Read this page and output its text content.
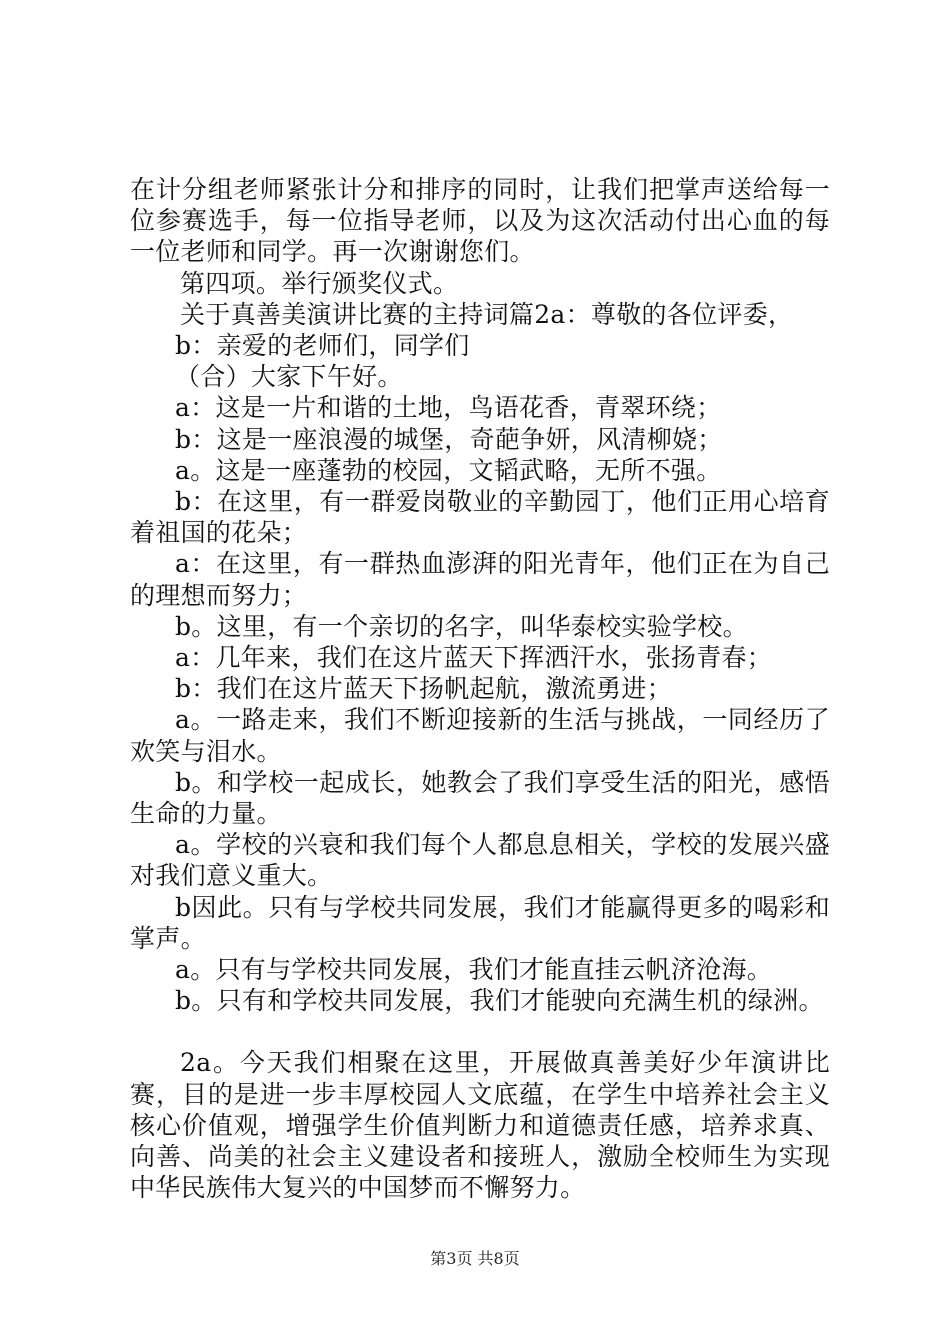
在计分组老师紧张计分和排序的同时，让我们把掌声送给每一位参赛选手，每一位指导老师，以及为这次活动付出心血的每一位老师和同学。再一次谢谢您们。

第四项。举行颁奖仪式。

关于真善美演讲比赛的主持词篇2a：尊敬的各位评委，

b：亲爱的老师们，同学们

（合）大家下午好。

a：这是一片和谐的土地，鸟语花香，青翠环绕；

b：这是一座浪漫的城堡，奇葩争妍，风清柳娆；

a。这是一座蓬勃的校园，文韬武略，无所不强。

b：在这里，有一群爱岗敬业的辛勤园丁，他们正用心培育着祖国的花朵；

a：在这里，有一群热血澎湃的阳光青年，他们正在为自己的理想而努力；

b。这里，有一个亲切的名字，叫华泰校实验学校。

a：几年来，我们在这片蓝天下挥洒汗水，张扬青春；

b：我们在这片蓝天下扬帆起航，激流勇进；

a。一路走来，我们不断迎接新的生活与挑战，一同经历了欢笑与泪水。

b。和学校一起成长，她教会了我们享受生活的阳光，感悟生命的力量。

a。学校的兴衰和我们每个人都息息相关，学校的发展兴盛对我们意义重大。

b因此。只有与学校共同发展，我们才能赢得更多的喝彩和掌声。

a。只有与学校共同发展，我们才能直挂云帆济沧海。

b。只有和学校共同发展，我们才能驶向充满生机的绿洲。

2a。今天我们相聚在这里，开展做真善美好少年演讲比赛，目的是进一步丰厚校园人文底蕴，在学生中培养社会主义核心价值观，增强学生价值判断力和道德责任感，培养求真、向善、尚美的社会主义建设者和接班人，激励全校师生为实现中华民族伟大复兴的中国梦而不懈努力。

第3页 共8页
